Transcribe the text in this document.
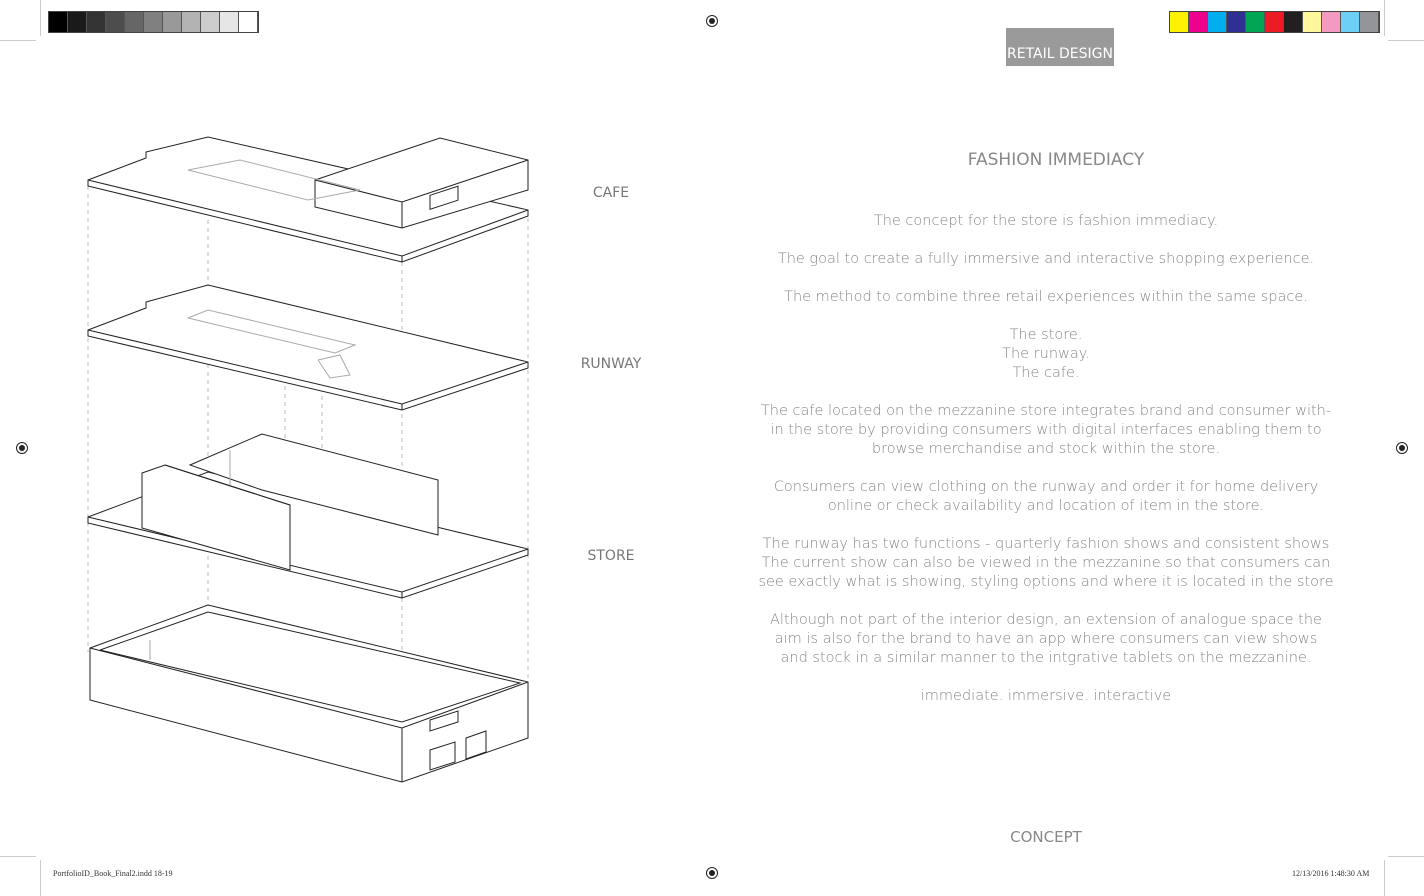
RETAIL DESIGN
CAFE
RUNWAY
STORE
FASHION IMMEDIACY

The concept for the store is fashion immediacy.

The goal to create a fully immersive and interactive shopping experience.

The method to combine three retail experiences within the same space.

The store.
The runway.
The cafe.

The cafe located on the mezzanine store integrates brand and consumer with-
in the store by providing consumers with digital interfaces enabling them to
browse merchandise and stock within the store.

Consumers can view clothing on the runway and order it for home delivery
online or check availability and location of item in the store.

The runway has two functions - quarterly fashion shows and consistent shows
The current show can also be viewed in the mezzanine so that consumers can
see exactly what is showing, styling options and where it is located in the store

Although not part of the interior design, an extension of analogue space the
aim is also for the brand to have an app where consumers can view shows
and stock in a similar manner to the intgrative tablets on the mezzanine.

immediate. immersive. interactive

CONCEPT
PortfolioID_Book_Final2.indd 18-19	12/13/2016 1:48:30 AM
